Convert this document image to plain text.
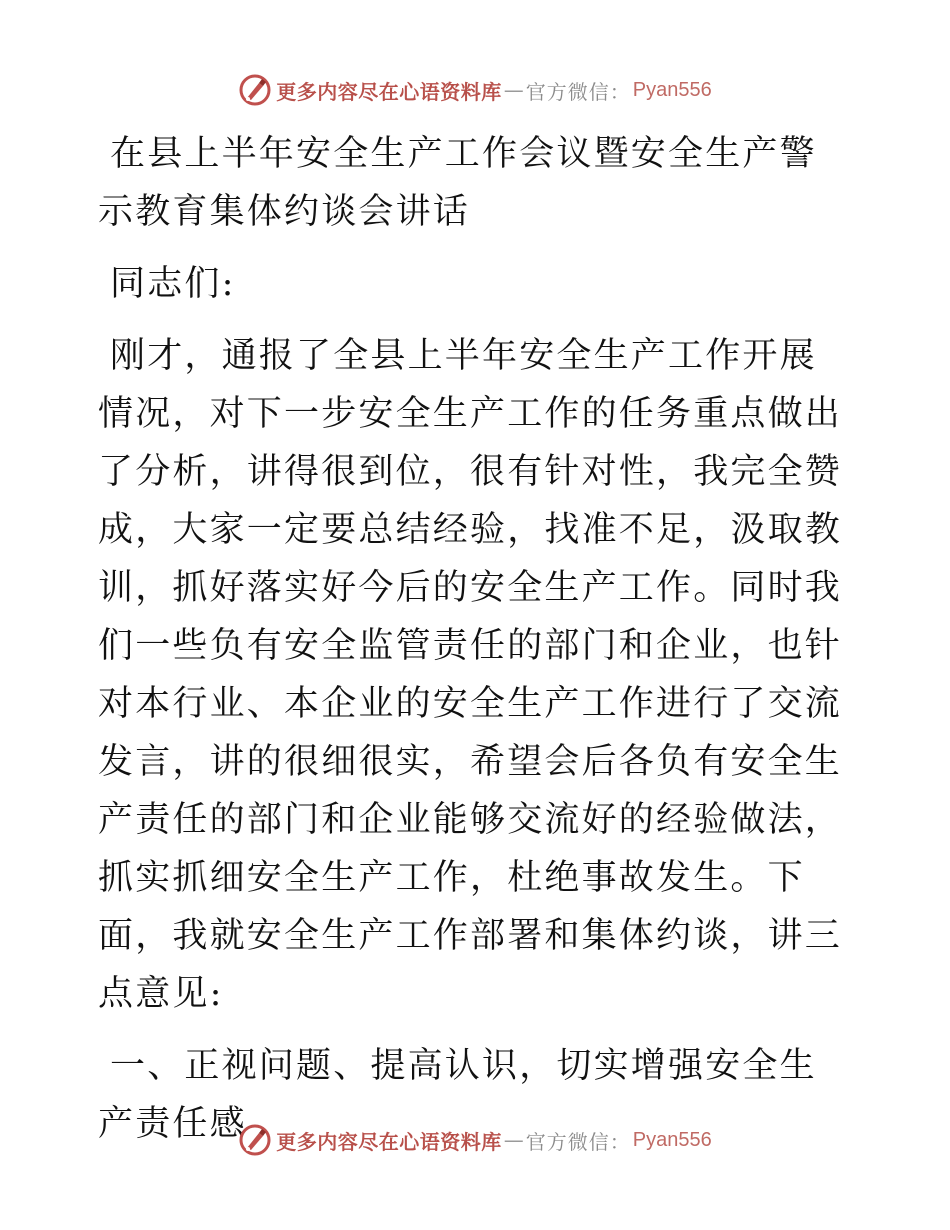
更多内容尽在心语资料库 — 官方微信： Pyan556

在县上半年安全生产工作会议暨安全生产警示教育集体约谈会讲话

同志们:

刚才，通报了全县上半年安全生产工作开展情况，对下一步安全生产工作的任务重点做出了分析，讲得很到位，很有针对性，我完全赞成，大家一定要总结经验，找准不足，汲取教训，抓好落实好今后的安全生产工作。同时我们一些负有安全监管责任的部门和企业，也针对本行业、本企业的安全生产工作进行了交流发言，讲的很细很实，希望会后各负有安全生产责任的部门和企业能够交流好的经验做法，抓实抓细安全生产工作，杜绝事故发生。下面，我就安全生产工作部署和集体约谈，讲三点意见:

一、正视问题、提高认识，切实增强安全生产责任感	更多内容尽在心语资料库 — 官方微信： Pyan556
